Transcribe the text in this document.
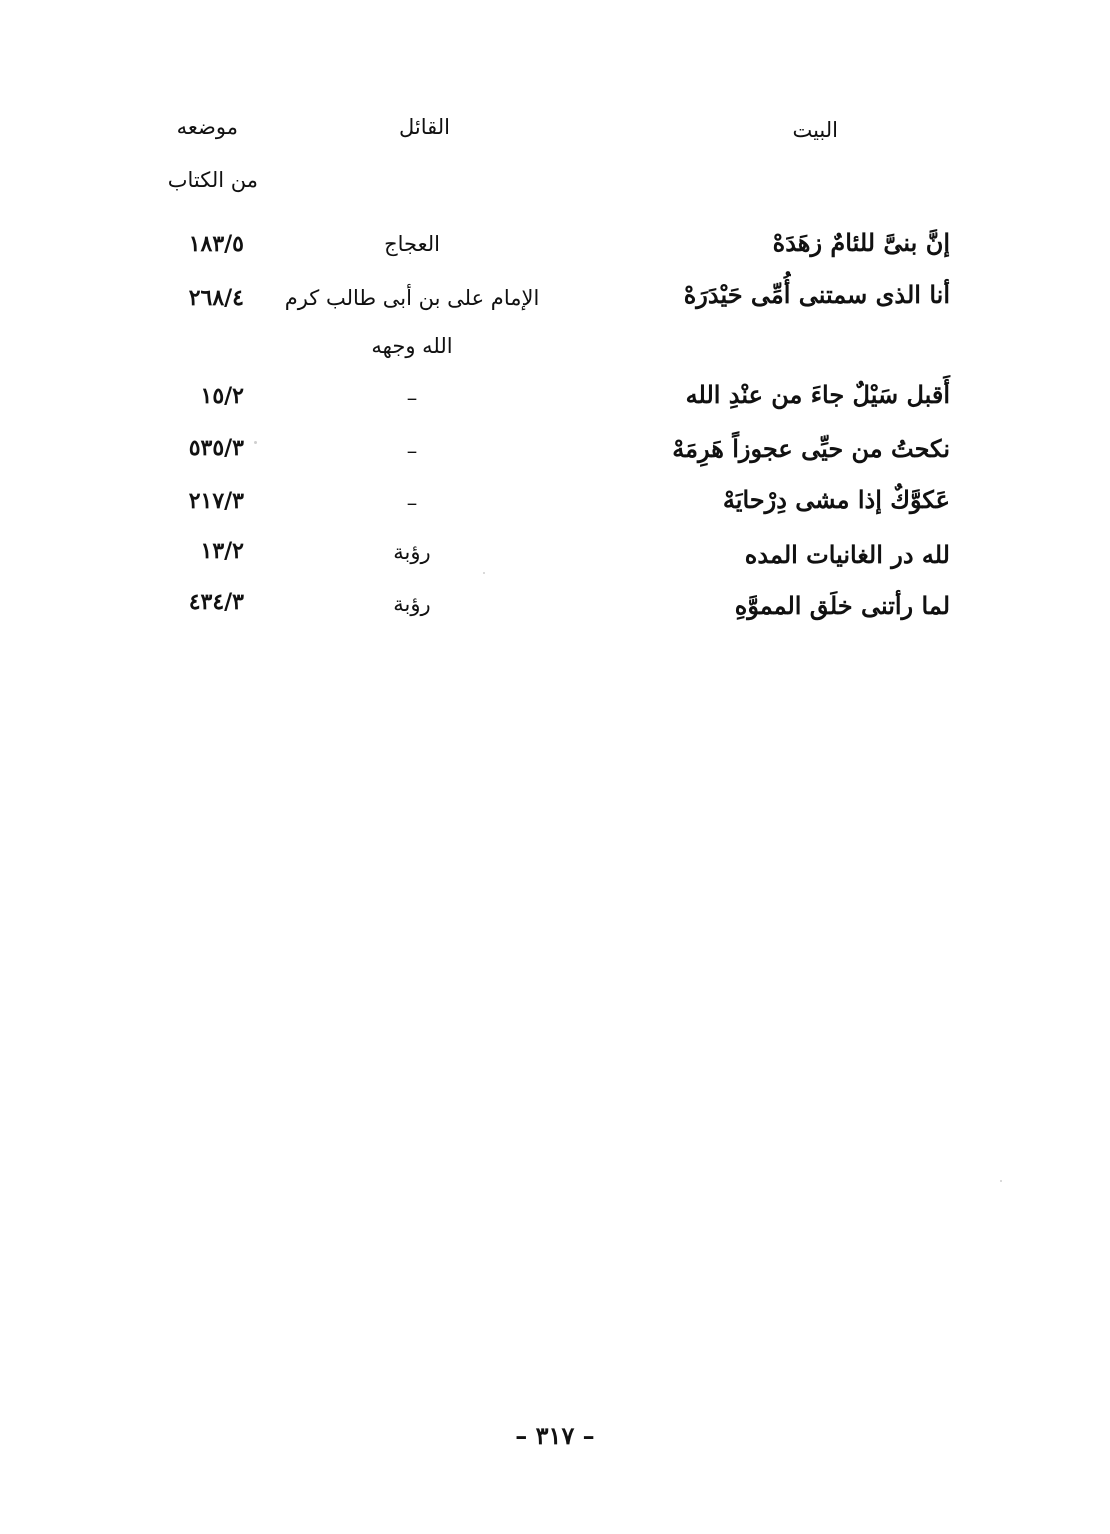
البيت
القائل
موضعه
من الكتاب
إنَّ بنىَّ للئامٌ زهَدَهْ
العجاج
١٨٣/٥
أنا الذى سمتنى أُمِّى حَيْدَرَهْ
الإمام على بن أبى طالب كرم
الله وجهه
٢٦٨/٤
أَقبل سَيْلٌ جاءَ من عنْدِ الله
–
١٥/٢
نكحتُ من حيِّى عجوزاً هَرِمَهْ
–
٥٣٥/٣
عَكوَّكٌ إذا مشى دِرْحايَهْ
–
٢١٧/٣
لله در الغانيات المده
رؤبة
١٣/٢
لما رأتنى خلَق المموَّهِ
رؤبة
٤٣٤/٣
– ٣١٧ –
